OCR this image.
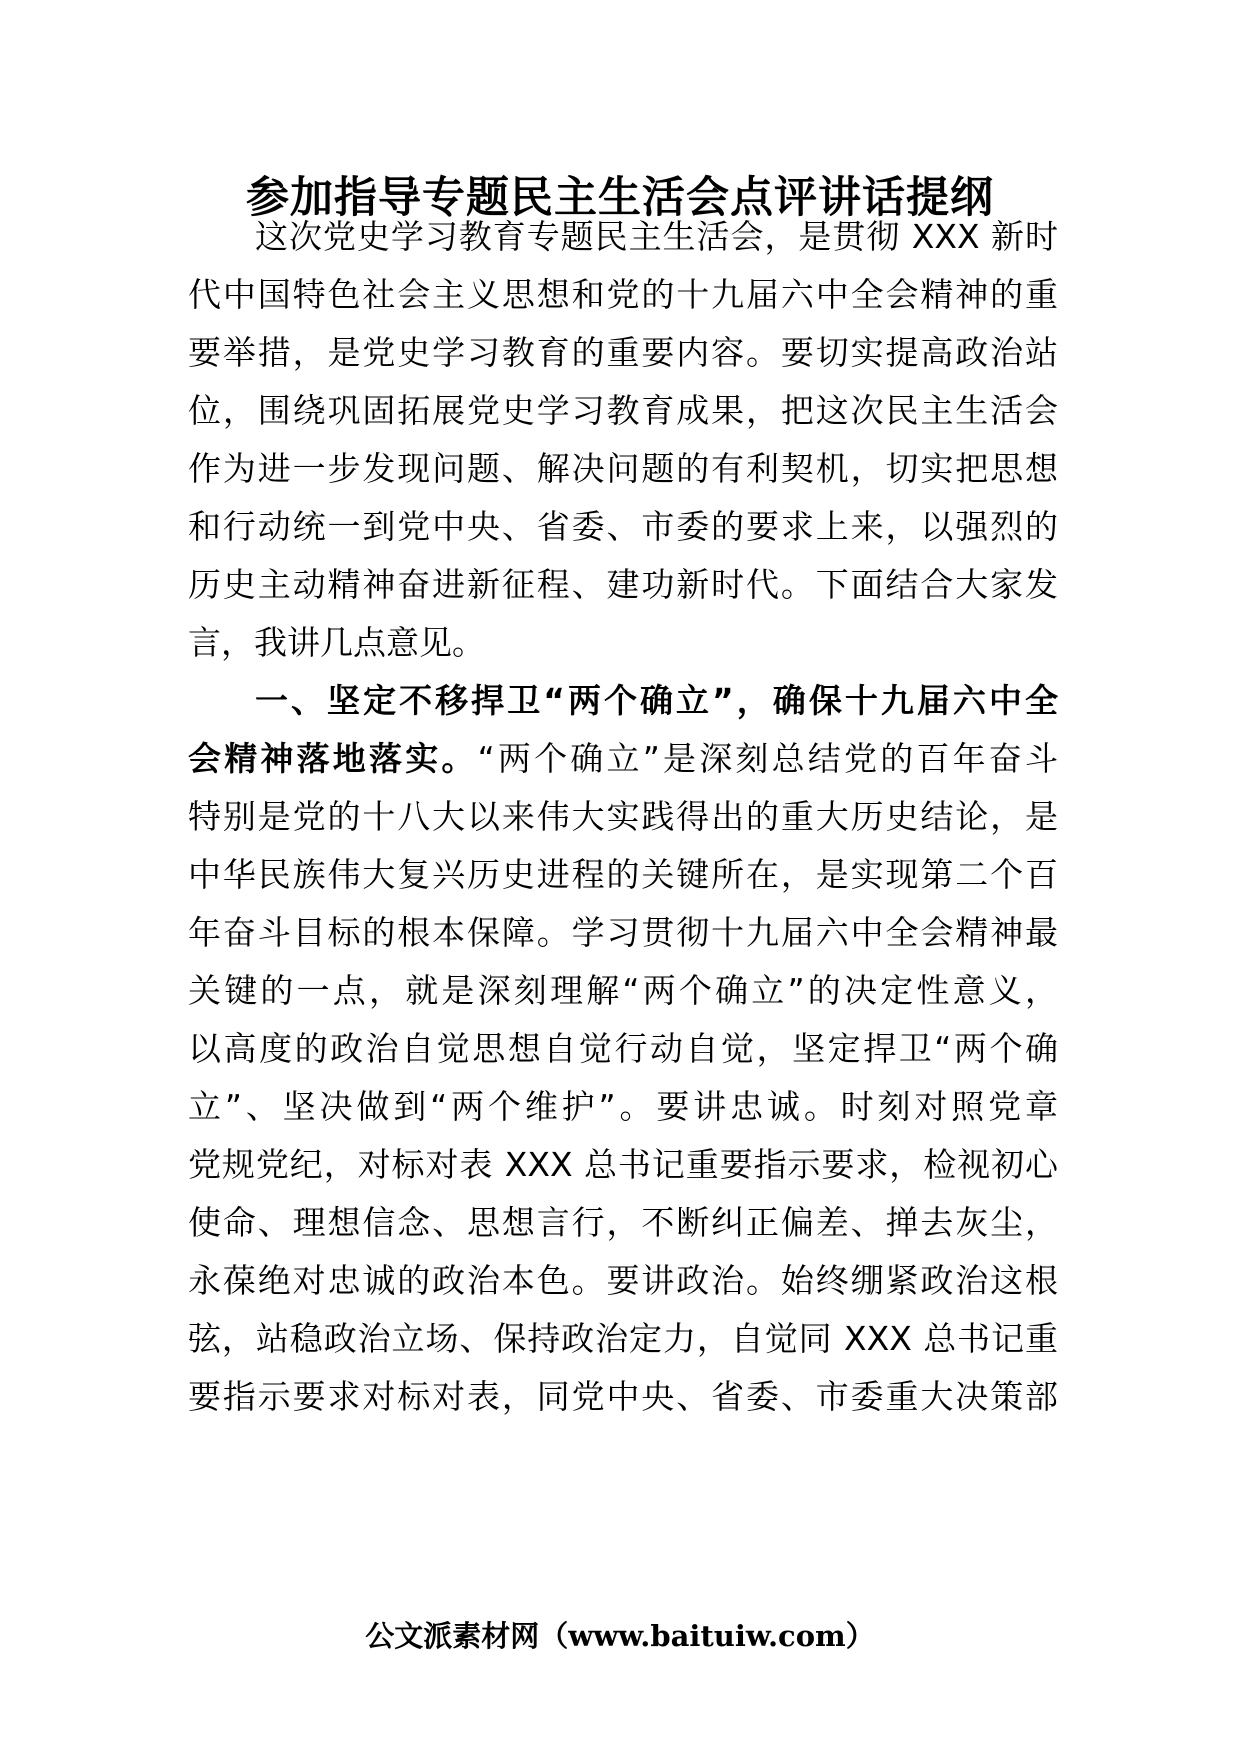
参加指导专题民主生活会点评讲话提纲
这次党史学习教育专题民主生活会，是贯彻 XXX 新时
代中国特色社会主义思想和党的十九届六中全会精神的重
要举措，是党史学习教育的重要内容。要切实提高政治站
位，围绕巩固拓展党史学习教育成果，把这次民主生活会
作为进一步发现问题、解决问题的有利契机，切实把思想
和行动统一到党中央、省委、市委的要求上来，以强烈的
历史主动精神奋进新征程、建功新时代。下面结合大家发
言，我讲几点意见。
一、坚定不移捍卫“两个确立”，确保十九届六中全
会精神落地落实。“两个确立”是深刻总结党的百年奋斗
特别是党的十八大以来伟大实践得出的重大历史结论，是
中华民族伟大复兴历史进程的关键所在，是实现第二个百
年奋斗目标的根本保障。学习贯彻十九届六中全会精神最
关键的一点，就是深刻理解“两个确立”的决定性意义，
以高度的政治自觉思想自觉行动自觉，坚定捍卫“两个确
立”、坚决做到“两个维护”。要讲忠诚。时刻对照党章
党规党纪，对标对表 XXX 总书记重要指示要求，检视初心
使命、理想信念、思想言行，不断纠正偏差、掸去灰尘，
永葆绝对忠诚的政治本色。要讲政治。始终绷紧政治这根
弦，站稳政治立场、保持政治定力，自觉同 XXX 总书记重
要指示要求对标对表，同党中央、省委、市委重大决策部
公文派素材网（www.baituiw.com）
